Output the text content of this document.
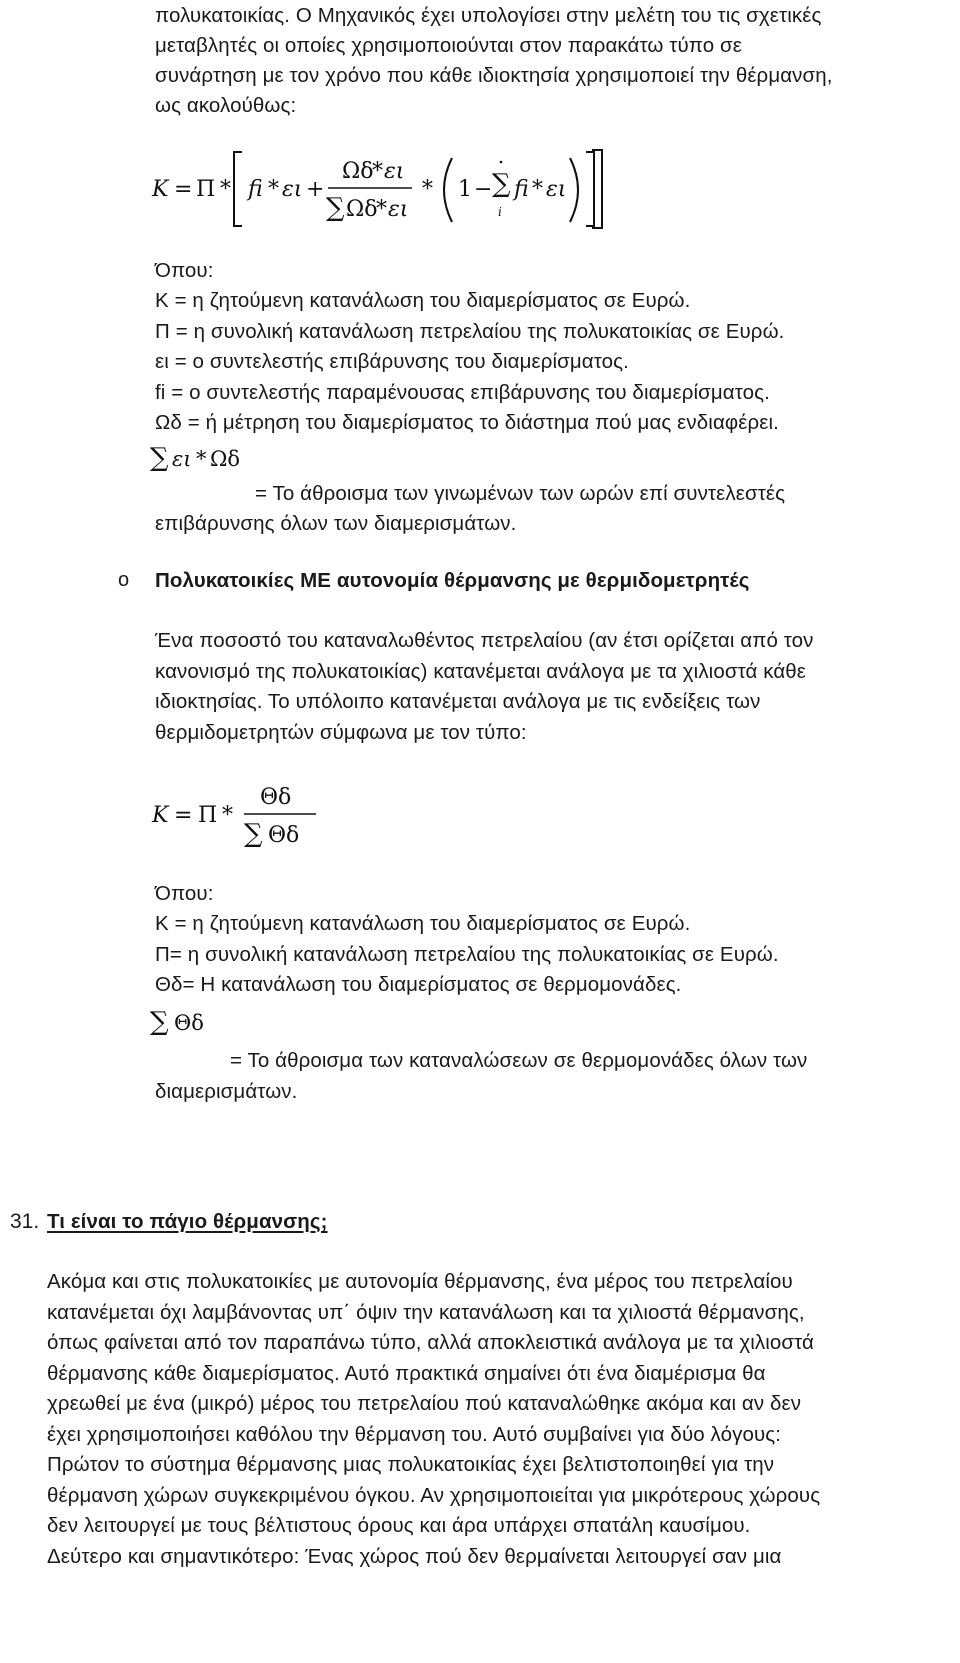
πολυκατοικίας. Ο Μηχανικός έχει υπολογίσει στην μελέτη του τις σχετικές
μεταβλητές οι οποίες χρησιμοποιούνται στον παρακάτω τύπο σε
συνάρτηση με τον χρόνο που κάθε ιδιοκτησία χρησιμοποιεί την θέρμανση,
ως ακολούθως:
K = Π * fi * ει +
Ωδ
* ει
∑ Ωδ
* ει
* 1 − ∑
i
fi * ει
Όπου:
K = η ζητούμενη κατανάλωση του διαμερίσματος σε Ευρώ.
Π = η συνολική κατανάλωση πετρελαίου της πολυκατοικίας σε Ευρώ.
ει = ο συντελεστής επιβάρυνσης του διαμερίσματος.
fi = ο συντελεστής παραμένουσας επιβάρυνσης του διαμερίσματος.
Ωδ = ή μέτρηση του διαμερίσματος το διάστημα πού μας ενδιαφέρει.
∑ ει * Ωδ
= Το άθροισμα των γινωμένων των ωρών επί συντελεστές
επιβάρυνσης όλων των διαμερισμάτων.
o Πολυκατοικίες ΜΕ αυτονομία θέρμανσης με θερμιδομετρητές
Ένα ποσοστό του καταναλωθέντος πετρελαίου (αν έτσι ορίζεται από τον
κανονισμό της πολυκατοικίας) κατανέμεται ανάλογα με τα χιλιοστά κάθε
ιδιοκτησίας. Το υπόλοιπο κατανέμεται ανάλογα με τις ενδείξεις των
θερμιδομετρητών σύμφωνα με τον τύπο:
K = Π *
Θδ
∑ Θδ
Όπου:
K = η ζητούμενη κατανάλωση του διαμερίσματος σε Ευρώ.
Π= η συνολική κατανάλωση πετρελαίου της πολυκατοικίας σε Ευρώ.
Θδ= Η κατανάλωση του διαμερίσματος σε θερμομονάδες.
∑ Θδ
= Το άθροισμα των καταναλώσεων σε θερμομονάδες όλων των
διαμερισμάτων.
31. Τι είναι το πάγιο θέρμανσης;
Ακόμα και στις πολυκατοικίες με αυτονομία θέρμανσης, ένα μέρος του πετρελαίου
κατανέμεται όχι λαμβάνοντας υπ΄ όψιν την κατανάλωση και τα χιλιοστά θέρμανσης,
όπως φαίνεται από τον παραπάνω τύπο, αλλά αποκλειστικά ανάλογα με τα χιλιοστά
θέρμανσης κάθε διαμερίσματος. Αυτό πρακτικά σημαίνει ότι ένα διαμέρισμα θα
χρεωθεί με ένα (μικρό) μέρος του πετρελαίου πού καταναλώθηκε ακόμα και αν δεν
έχει χρησιμοποιήσει καθόλου την θέρμανση του. Αυτό συμβαίνει για δύο λόγους:
Πρώτον το σύστημα θέρμανσης μιας πολυκατοικίας έχει βελτιστοποιηθεί για την
θέρμανση χώρων συγκεκριμένου όγκου. Αν χρησιμοποιείται για μικρότερους χώρους
δεν λειτουργεί με τους βέλτιστους όρους και άρα υπάρχει σπατάλη καυσίμου.
Δεύτερο και σημαντικότερο: Ένας χώρος πού δεν θερμαίνεται λειτουργεί σαν μια
